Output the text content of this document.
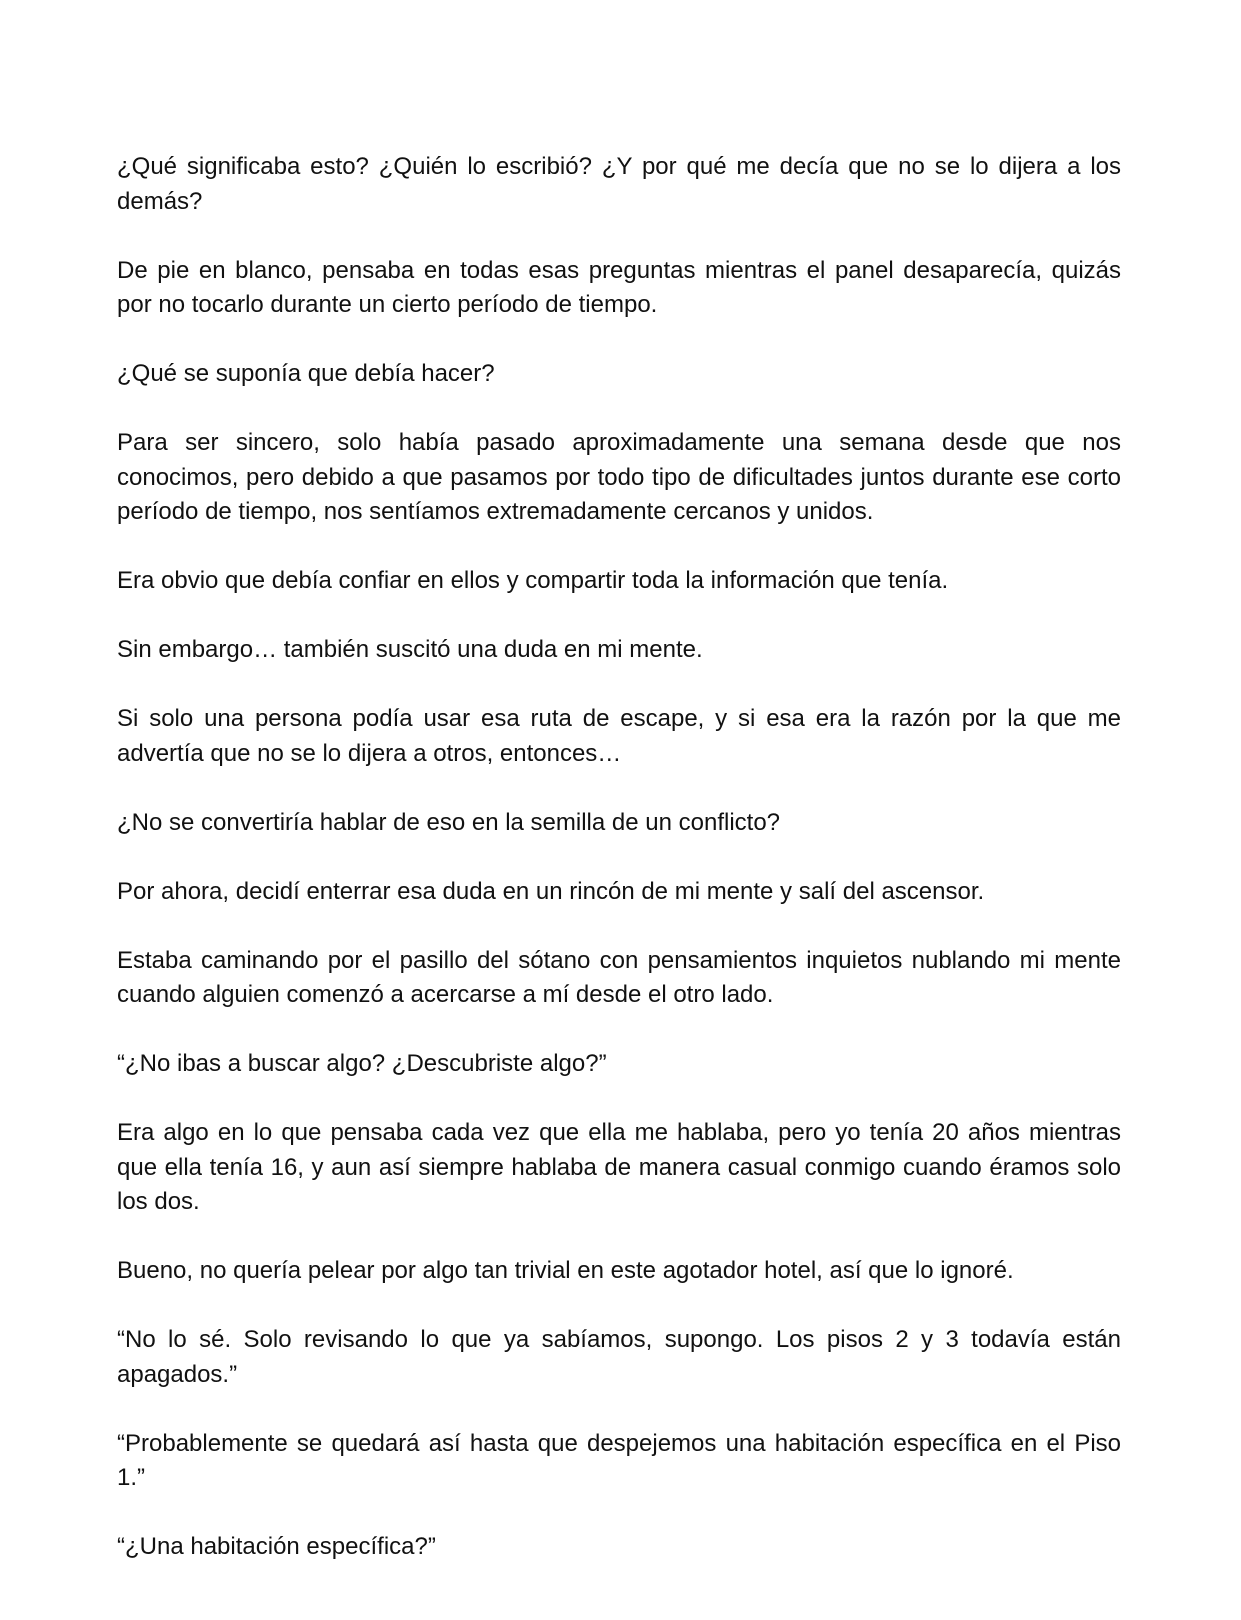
¿Qué significaba esto? ¿Quién lo escribió? ¿Y por qué me decía que no se lo dijera a los demás?

De pie en blanco, pensaba en todas esas preguntas mientras el panel desaparecía, quizás por no tocarlo durante un cierto período de tiempo.

¿Qué se suponía que debía hacer?

Para ser sincero, solo había pasado aproximadamente una semana desde que nos conocimos, pero debido a que pasamos por todo tipo de dificultades juntos durante ese corto período de tiempo, nos sentíamos extremadamente cercanos y unidos.

Era obvio que debía confiar en ellos y compartir toda la información que tenía.

Sin embargo… también suscitó una duda en mi mente.

Si solo una persona podía usar esa ruta de escape, y si esa era la razón por la que me advertía que no se lo dijera a otros, entonces…

¿No se convertiría hablar de eso en la semilla de un conflicto?

Por ahora, decidí enterrar esa duda en un rincón de mi mente y salí del ascensor.

Estaba caminando por el pasillo del sótano con pensamientos inquietos nublando mi mente cuando alguien comenzó a acercarse a mí desde el otro lado.

“¿No ibas a buscar algo? ¿Descubriste algo?”

Era algo en lo que pensaba cada vez que ella me hablaba, pero yo tenía 20 años mientras que ella tenía 16, y aun así siempre hablaba de manera casual conmigo cuando éramos solo los dos.

Bueno, no quería pelear por algo tan trivial en este agotador hotel, así que lo ignoré.

“No lo sé. Solo revisando lo que ya sabíamos, supongo. Los pisos 2 y 3 todavía están apagados.”

“Probablemente se quedará así hasta que despejemos una habitación específica en el Piso 1.”

“¿Una habitación específica?”
